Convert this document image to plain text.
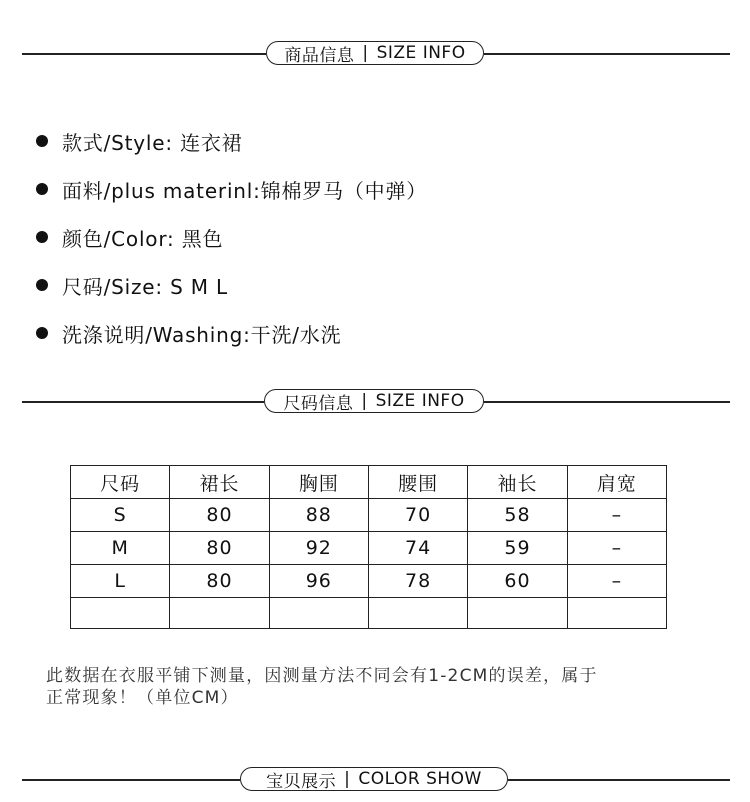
商品信息 | SIZE INFO
款式/Style: 连衣裙
面料/plus materinl:锦棉罗马（中弹）
颜色/Color: 黑色
尺码/Size: S M L
洗涤说明/Washing:干洗/水洗
尺码信息 | SIZE INFO
尺码	裙长	胸围	腰围	袖长	肩宽
S	80	88	70	58	–
M	80	92	74	59	–
L	80	96	78	60	–

此数据在衣服平铺下测量，因测量方法不同会有1-2CM的误差，属于
正常现象！（单位CM）
宝贝展示 | COLOR SHOW
